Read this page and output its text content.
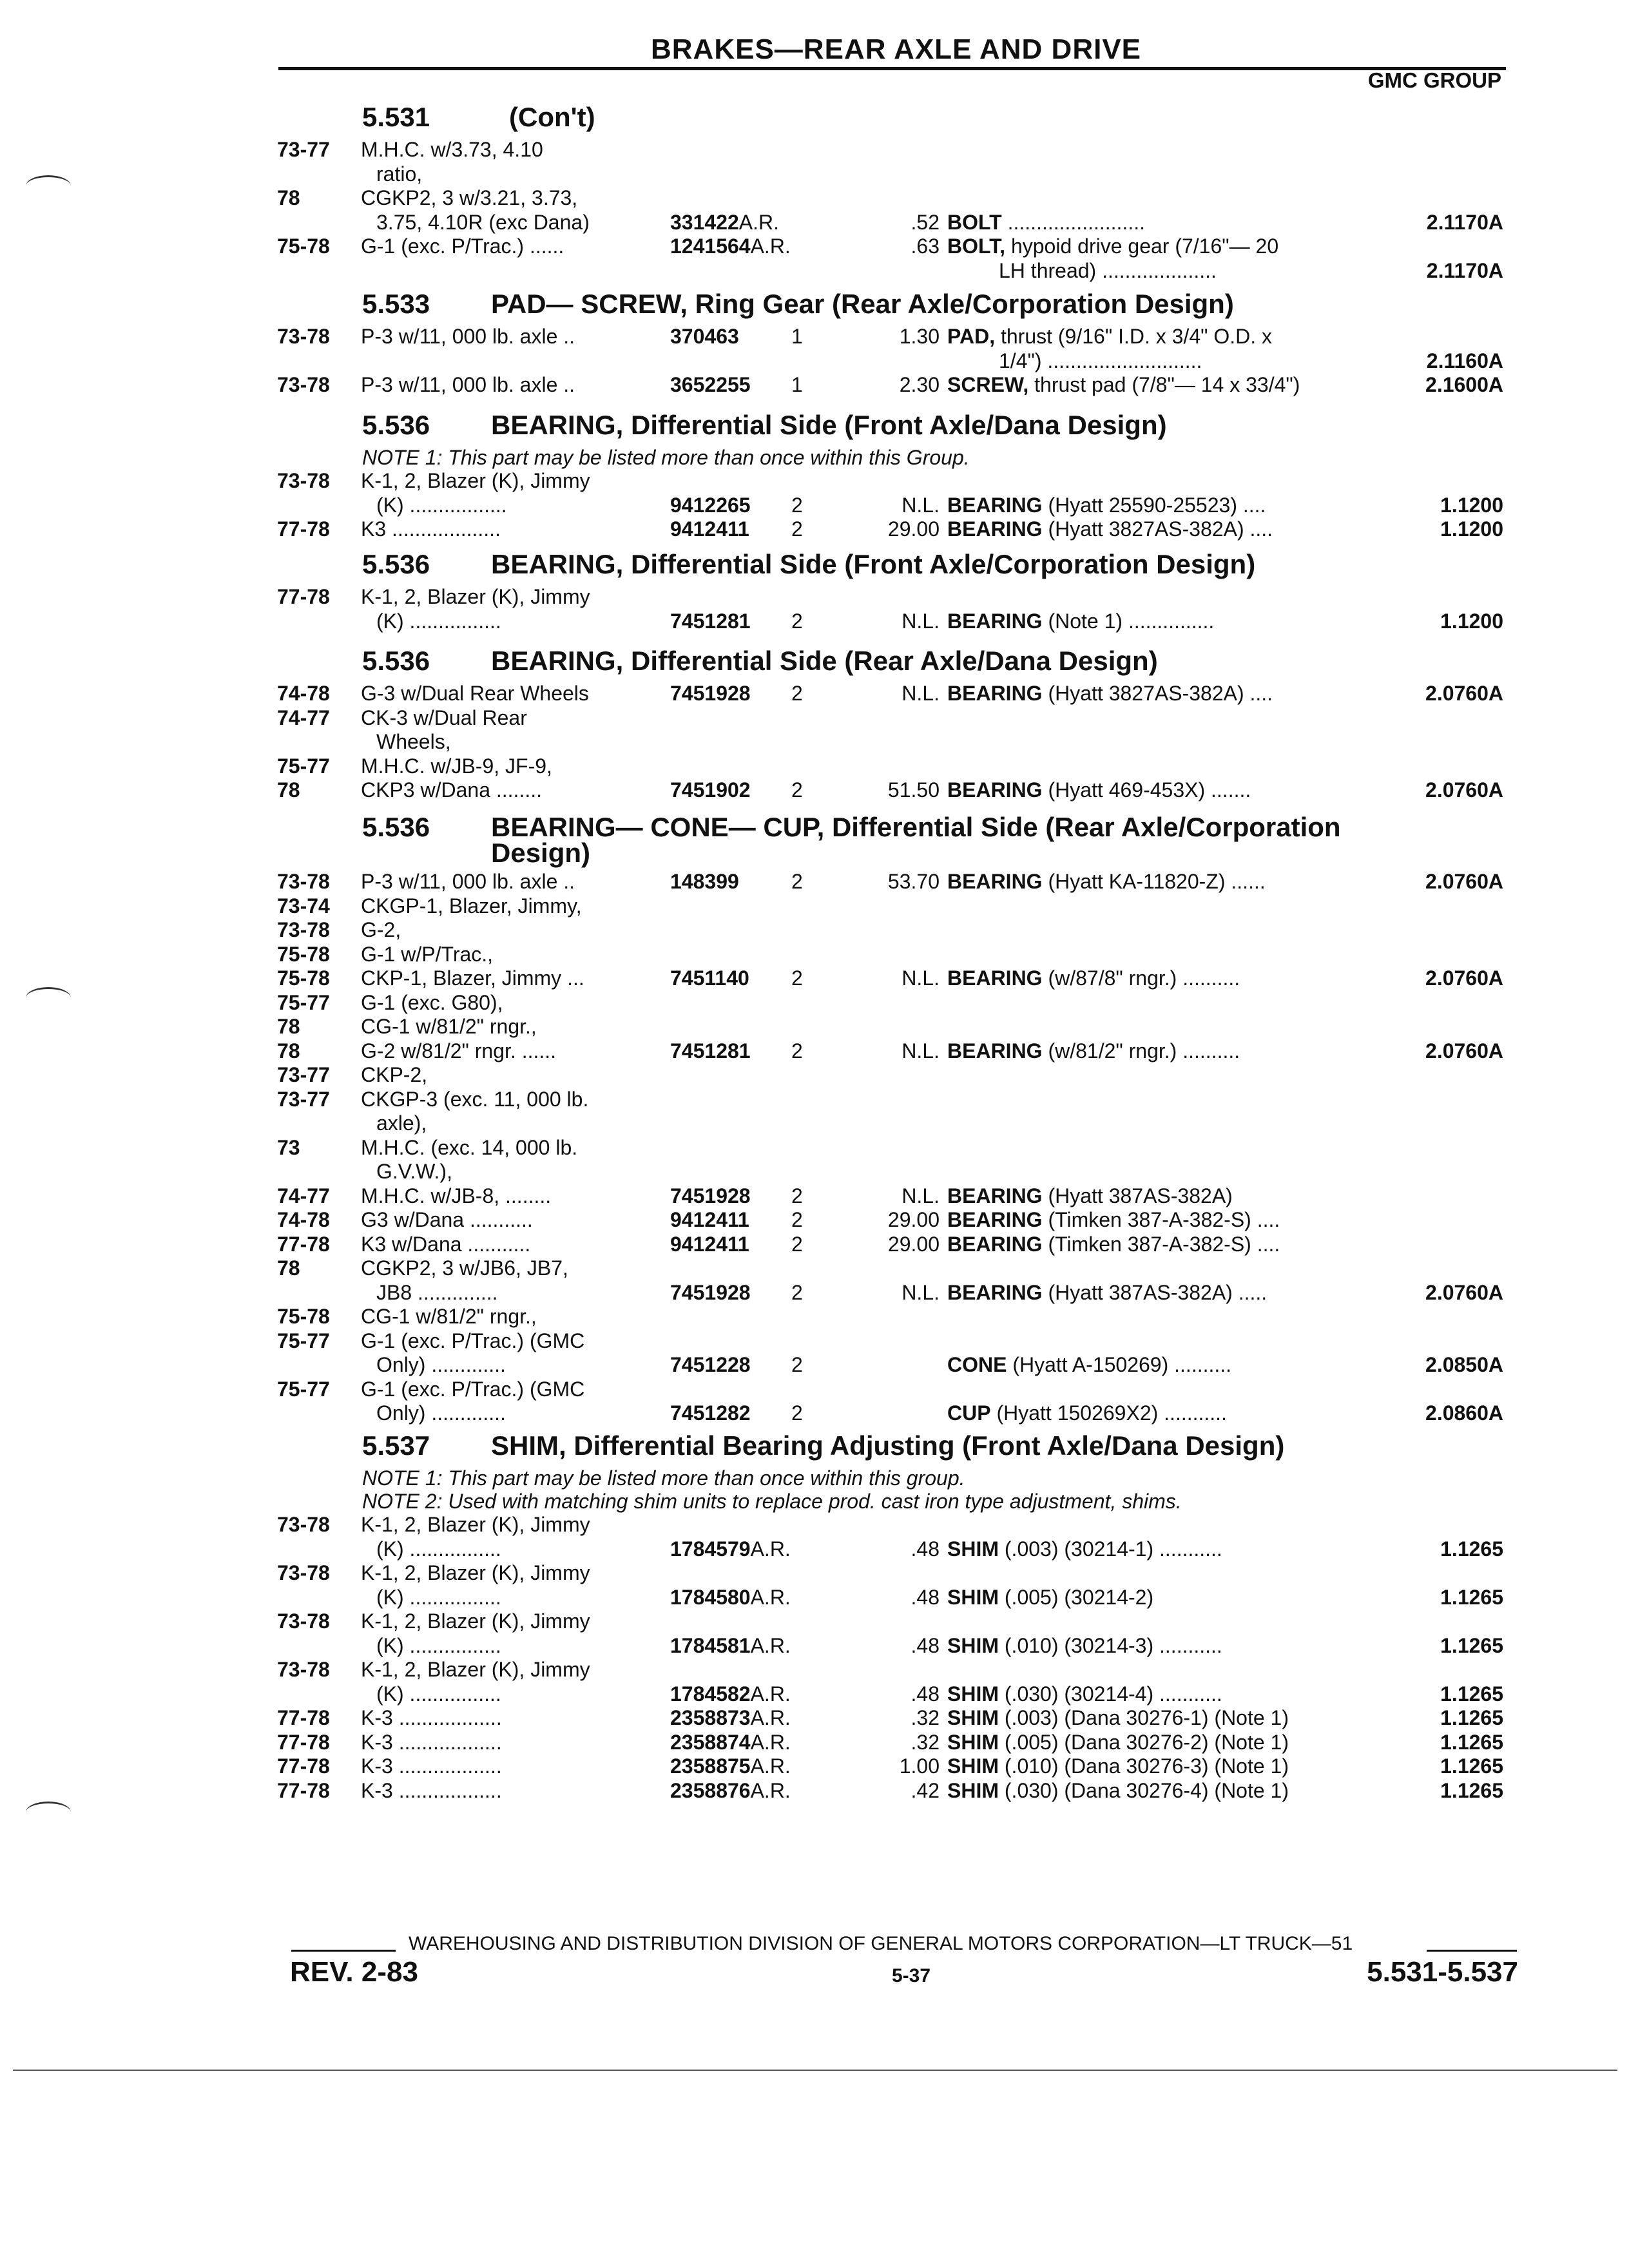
BRAKES—REAR AXLE AND DRIVE
GMC GROUP
5.531	(Con't)
73-77 M.H.C. w/3.73, 4.10
ratio,
78	CGKP2, 3 w/3.21, 3.73,
3.75, 4.10R (exc Dana)	331422A.R.	.52 BOLT ........................	2.1170A
75-78 G-1 (exc. P/Trac.) ......	1241564A.R.	.63 BOLT, hypoid drive gear (7/16"— 20
LH thread) ....................	2.1170A
5.533 PAD— SCREW, Ring Gear (Rear Axle/Corporation Design)
73-78 P-3 w/11, 000 lb. axle ..	370463	1	1.30 PAD, thrust (9/16" I.D. x 3/4" O.D. x
1/4") ...........................	2.1160A
73-78 P-3 w/11, 000 lb. axle ..	3652255 1	2.30 SCREW, thrust pad (7/8"— 14 x 33/4")	2.1600A
5.536 BEARING, Differential Side (Front Axle/Dana Design)
NOTE 1: This part may be listed more than once within this Group.
73-78 K-1, 2, Blazer (K), Jimmy
(K) .................	9412265 2	N.L. BEARING (Hyatt 25590-25523) ....	1.1200
77-78 K3 ...................	9412411 2	29.00 BEARING (Hyatt 3827AS-382A) ....	1.1200
5.536 BEARING, Differential Side (Front Axle/Corporation Design)
77-78 K-1, 2, Blazer (K), Jimmy
(K) ................	7451281 2	N.L. BEARING (Note 1) ...............	1.1200
5.536 BEARING, Differential Side (Rear Axle/Dana Design)
74-78 G-3 w/Dual Rear Wheels	7451928 2	N.L. BEARING (Hyatt 3827AS-382A) ....	2.0760A
74-77 CK-3 w/Dual Rear
Wheels,
75-77 M.H.C. w/JB-9, JF-9,
78	CKP3 w/Dana ........	7451902 2	51.50 BEARING (Hyatt 469-453X) .......	2.0760A
5.536 BEARING— CONE— CUP, Differential Side (Rear Axle/Corporation
Design)
73-78 P-3 w/11, 000 lb. axle ..	148399	2	53.70 BEARING (Hyatt KA-11820-Z) ......	2.0760A
73-74 CKGP-1, Blazer, Jimmy,
73-78 G-2,
75-78 G-1 w/P/Trac.,
75-78 CKP-1, Blazer, Jimmy ...	7451140 2	N.L. BEARING (w/87/8" rngr.) ..........	2.0760A
75-77 G-1 (exc. G80),
78	CG-1 w/81/2" rngr.,
78	G-2 w/81/2" rngr. ......	7451281 2	N.L. BEARING (w/81/2" rngr.) ..........	2.0760A
73-77 CKP-2,
73-77 CKGP-3 (exc. 11, 000 lb.
axle),
73	M.H.C. (exc. 14, 000 lb.
G.V.W.),
74-77 M.H.C. w/JB-8, ........	7451928 2	N.L. BEARING (Hyatt 387AS-382A)
74-78 G3 w/Dana ...........	9412411 2	29.00 BEARING (Timken 387-A-382-S) ....
77-78 K3 w/Dana ...........	9412411 2	29.00 BEARING (Timken 387-A-382-S) ....
78	CGKP2, 3 w/JB6, JB7,
JB8 ..............	7451928 2	N.L. BEARING (Hyatt 387AS-382A) .....	2.0760A
75-78 CG-1 w/81/2" rngr.,
75-77 G-1 (exc. P/Trac.) (GMC
Only) .............	7451228 2	CONE (Hyatt A-150269) ..........	2.0850A
75-77 G-1 (exc. P/Trac.) (GMC
Only) .............	7451282 2	CUP (Hyatt 150269X2) ...........	2.0860A
5.537 SHIM, Differential Bearing Adjusting (Front Axle/Dana Design)
NOTE 1: This part may be listed more than once within this group.
NOTE 2: Used with matching shim units to replace prod. cast iron type adjustment, shims.
73-78 K-1, 2, Blazer (K), Jimmy
(K) ................	1784579A.R.	.48 SHIM (.003) (30214-1) ...........	1.1265
73-78 K-1, 2, Blazer (K), Jimmy
(K) ................	1784580A.R.	.48 SHIM (.005) (30214-2)	1.1265
73-78 K-1, 2, Blazer (K), Jimmy
(K) ................	1784581A.R.	.48 SHIM (.010) (30214-3) ...........	1.1265
73-78 K-1, 2, Blazer (K), Jimmy
(K) ................	1784582A.R.	.48 SHIM (.030) (30214-4) ...........	1.1265
77-78 K-3 ..................	2358873A.R.	.32 SHIM (.003) (Dana 30276-1) (Note 1)	1.1265
77-78 K-3 ..................	2358874A.R.	.32 SHIM (.005) (Dana 30276-2) (Note 1)	1.1265
77-78 K-3 ..................	2358875A.R.	1.00 SHIM (.010) (Dana 30276-3) (Note 1)	1.1265
77-78 K-3 ..................	2358876A.R.	.42 SHIM (.030) (Dana 30276-4) (Note 1)	1.1265
WAREHOUSING AND DISTRIBUTION DIVISION OF GENERAL MOTORS CORPORATION—LT TRUCK—51
REV. 2-83	5-37	5.531-5.537
